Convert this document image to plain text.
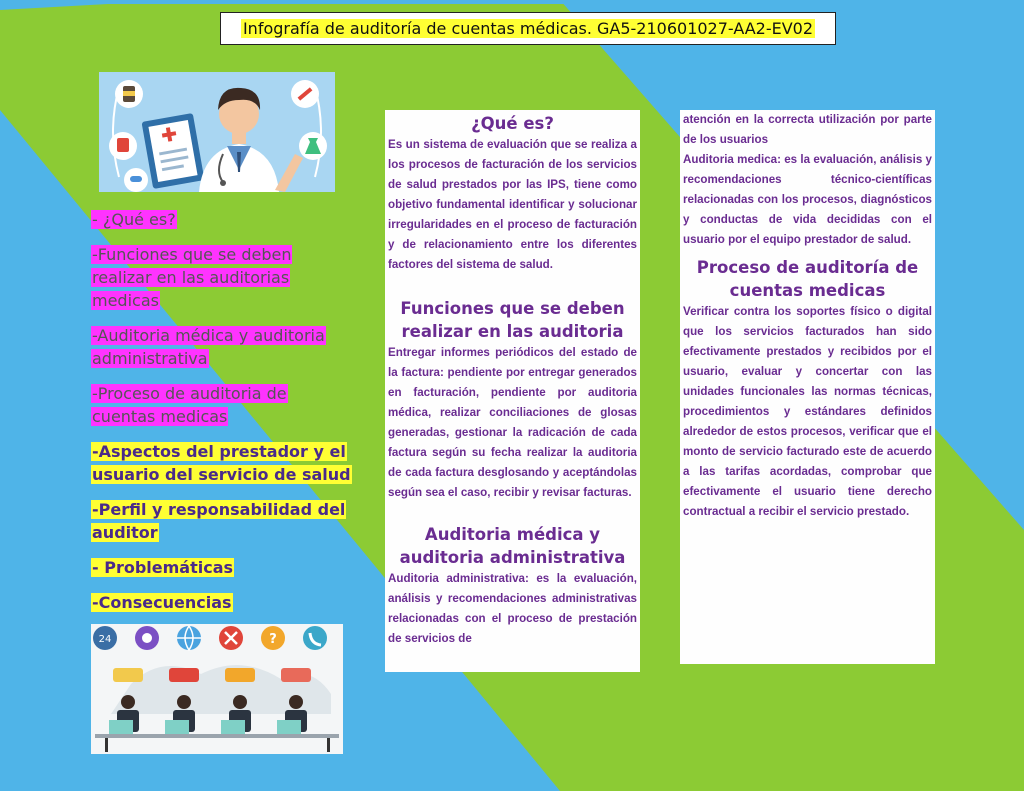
Infografía de auditoría de cuentas médicas. GA5-210601027-AA2-EV02
- ¿Qué es?
-Funciones que se deben realizar en las auditorias medicas
-Auditoria médica y auditoria administrativa
-Proceso de auditoria de cuentas medicas
-Aspectos del prestador y el usuario del servicio de salud
-Perfil y responsabilidad del auditor
- Problemáticas
-Consecuencias
24	?
¿Qué es?

Es un sistema de evaluación que se realiza a los procesos de facturación de los servicios de salud prestados por las IPS, tiene como objetivo fundamental identificar y solucionar irregularidades en el proceso de facturación y de relacionamiento entre los diferentes factores del sistema de salud.

Funciones que se deben realizar en las auditoria

Entregar informes periódicos del estado de la factura: pendiente por entregar generados en facturación, pendiente por auditoria médica, realizar conciliaciones de glosas generadas, gestionar la radicación de cada factura según su fecha realizar la auditoria de cada factura desglosando y aceptándolas según sea el caso, recibir y revisar facturas.

Auditoria médica y auditoria administrativa

Auditoria administrativa: es la evaluación, análisis y recomendaciones administrativas relacionadas con el proceso de prestación de servicios de

atención en la correcta utilización por parte de los usuarios

Auditoria medica: es la evaluación, análisis y recomendaciones técnico-científicas relacionadas con los procesos, diagnósticos y conductas de vida decididas con el usuario por el equipo prestador de salud.

Proceso de auditoría de cuentas medicas

Verificar contra los soportes físico o digital que los servicios facturados han sido efectivamente prestados y recibidos por el usuario, evaluar y concertar con las unidades funcionales las normas técnicas, procedimientos y estándares definidos alrededor de estos procesos, verificar que el monto de servicio facturado este de acuerdo a las tarifas acordadas, comprobar que efectivamente el usuario tiene derecho contractual a recibir el servicio prestado.
